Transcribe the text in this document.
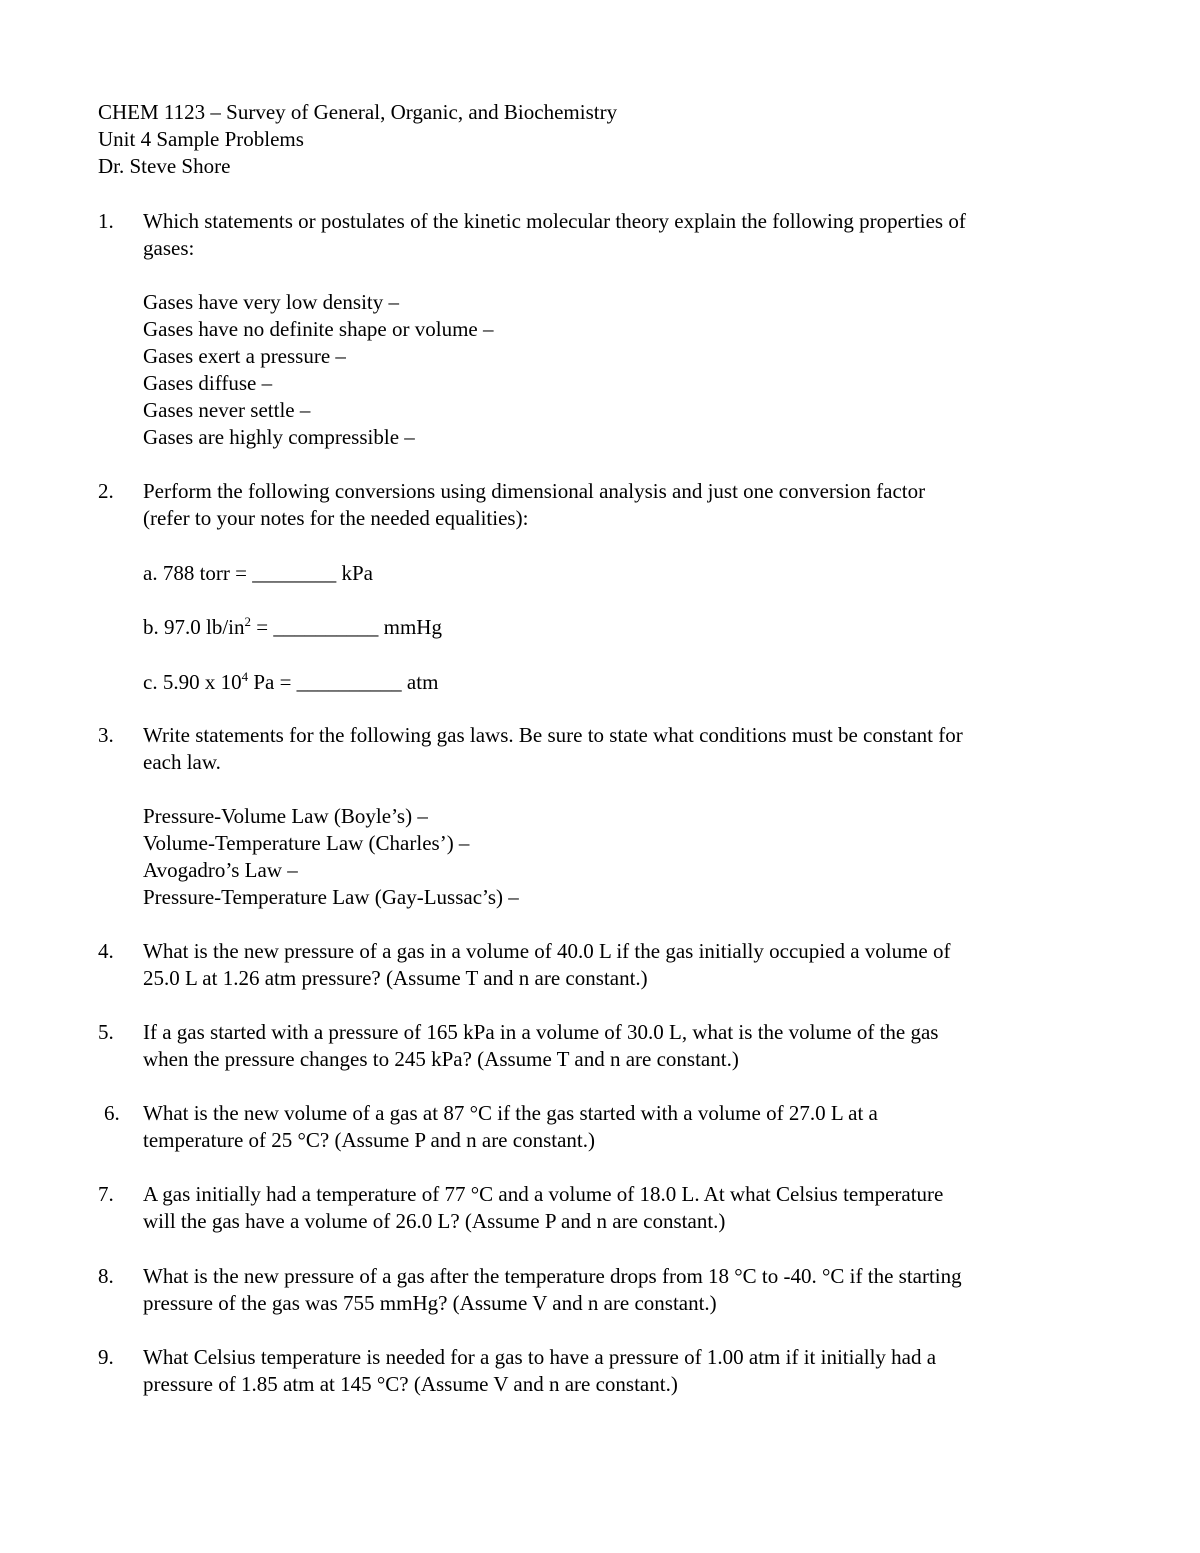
CHEM 1123 – Survey of General, Organic, and Biochemistry
Unit 4 Sample Problems
Dr. Steve Shore
1. Which statements or postulates of the kinetic molecular theory explain the following properties of
gases:
Gases have very low density –
Gases have no definite shape or volume –
Gases exert a pressure –
Gases diffuse –
Gases never settle –
Gases are highly compressible –
2. Perform the following conversions using dimensional analysis and just one conversion factor
(refer to your notes for the needed equalities):
a. 788 torr = ________ kPa
b. 97.0 $lb/in^2$ = __________ mmHg
c. 5.90 x $10^4$ Pa = __________ atm
3. Write statements for the following gas laws. Be sure to state what conditions must be constant for
each law.
Pressure-Volume Law (Boyle’s) –
Volume-Temperature Law (Charles’) –
Avogadro’s Law –
Pressure-Temperature Law (Gay-Lussac’s) –
4. What is the new pressure of a gas in a volume of 40.0 L if the gas initially occupied a volume of
25.0 L at 1.26 atm pressure? (Assume T and n are constant.)
5. If a gas started with a pressure of 165 kPa in a volume of 30.0 L, what is the volume of the gas
when the pressure changes to 245 kPa? (Assume T and n are constant.)
6. What is the new volume of a gas at 87 °C if the gas started with a volume of 27.0 L at a
temperature of 25 °C? (Assume P and n are constant.)
7. A gas initially had a temperature of 77 °C and a volume of 18.0 L. At what Celsius temperature
will the gas have a volume of 26.0 L? (Assume P and n are constant.)
8. What is the new pressure of a gas after the temperature drops from 18 °C to -40. °C if the starting
pressure of the gas was 755 mmHg? (Assume V and n are constant.)
9. What Celsius temperature is needed for a gas to have a pressure of 1.00 atm if it initially had a
pressure of 1.85 atm at 145 °C? (Assume V and n are constant.)
